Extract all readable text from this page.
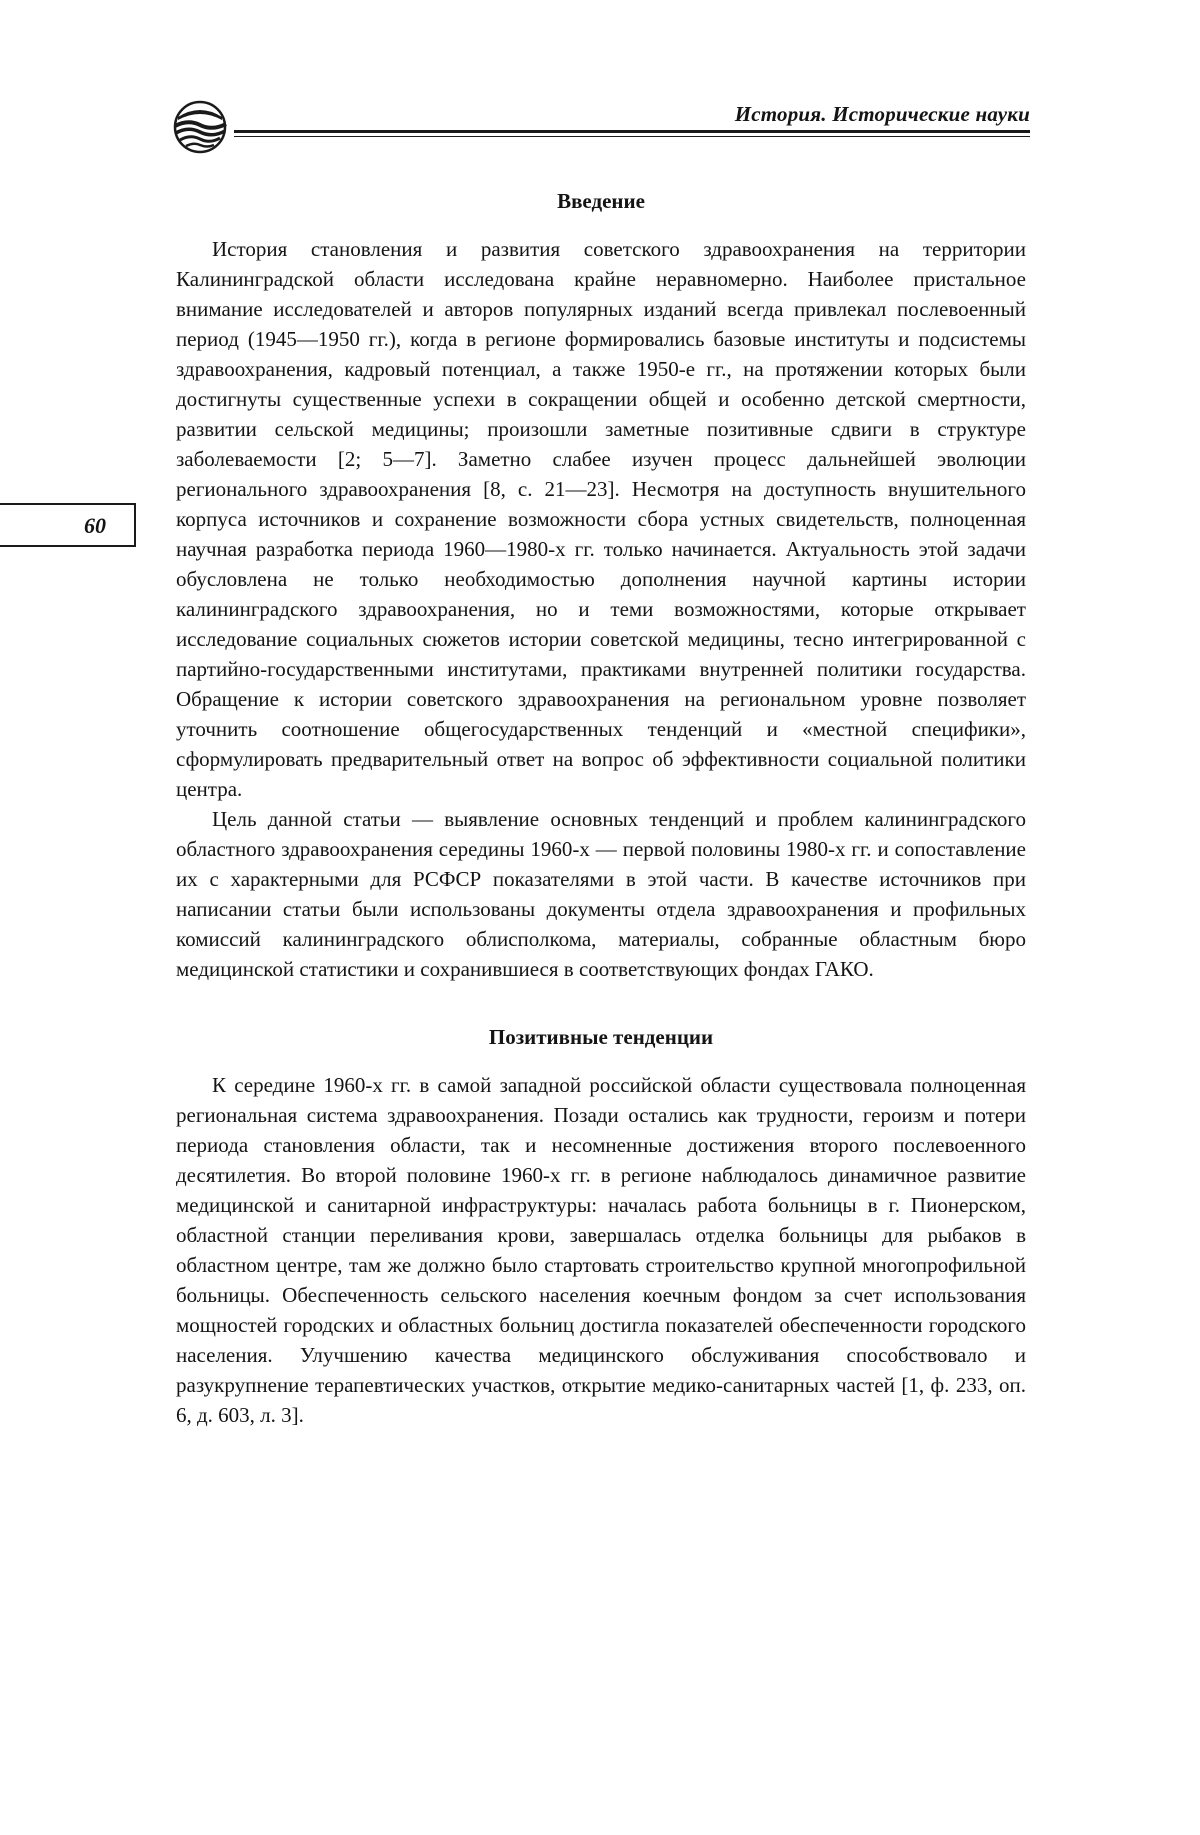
История. Исторические науки
60
Введение

История становления и развития советского здравоохранения на территории Калининградской области исследована крайне неравномерно. Наиболее пристальное внимание исследователей и авторов популярных изданий всегда привлекал послевоенный период (1945—1950 гг.), когда в регионе формировались базовые институты и подсистемы здравоохранения, кадровый потенциал, а также 1950-е гг., на протяжении которых были достигнуты существенные успехи в сокращении общей и особенно детской смертности, развитии сельской медицины; произошли заметные позитивные сдвиги в структуре заболеваемости [2; 5—7]. Заметно слабее изучен процесс дальнейшей эволюции регионального здравоохранения [8, с. 21—23]. Несмотря на доступность внушительного корпуса источников и сохранение возможности сбора устных свидетельств, полноценная научная разработка периода 1960—1980-х гг. только начинается. Актуальность этой задачи обусловлена не только необходимостью дополнения научной картины истории калининградского здравоохранения, но и теми возможностями, которые открывает исследование социальных сюжетов истории советской медицины, тесно интегрированной с партийно-государственными институтами, практиками внутренней политики государства. Обращение к истории советского здравоохранения на региональном уровне позволяет уточнить соотношение общегосударственных тенденций и «местной специфики», сформулировать предварительный ответ на вопрос об эффективности социальной политики центра.

Цель данной статьи — выявление основных тенденций и проблем калининградского областного здравоохранения середины 1960-х — первой половины 1980-х гг. и сопоставление их с характерными для РСФСР показателями в этой части. В качестве источников при написании статьи были использованы документы отдела здравоохранения и профильных комиссий калининградского облисполкома, материалы, собранные областным бюро медицинской статистики и сохранившиеся в соответствующих фондах ГАКО.

Позитивные тенденции

К середине 1960-х гг. в самой западной российской области существовала полноценная региональная система здравоохранения. Позади остались как трудности, героизм и потери периода становления области, так и несомненные достижения второго послевоенного десятилетия. Во второй половине 1960-х гг. в регионе наблюдалось динамичное развитие медицинской и санитарной инфраструктуры: началась работа больницы в г. Пионерском, областной станции переливания крови, завершалась отделка больницы для рыбаков в областном центре, там же должно было стартовать строительство крупной многопрофильной больницы. Обеспеченность сельского населения коечным фондом за счет использования мощностей городских и областных больниц достигла показателей обеспеченности городского населения. Улучшению качества медицинского обслуживания способствовало и разукрупнение терапевтических участков, открытие медико-санитарных частей [1, ф. 233, оп. 6, д. 603, л. 3].
